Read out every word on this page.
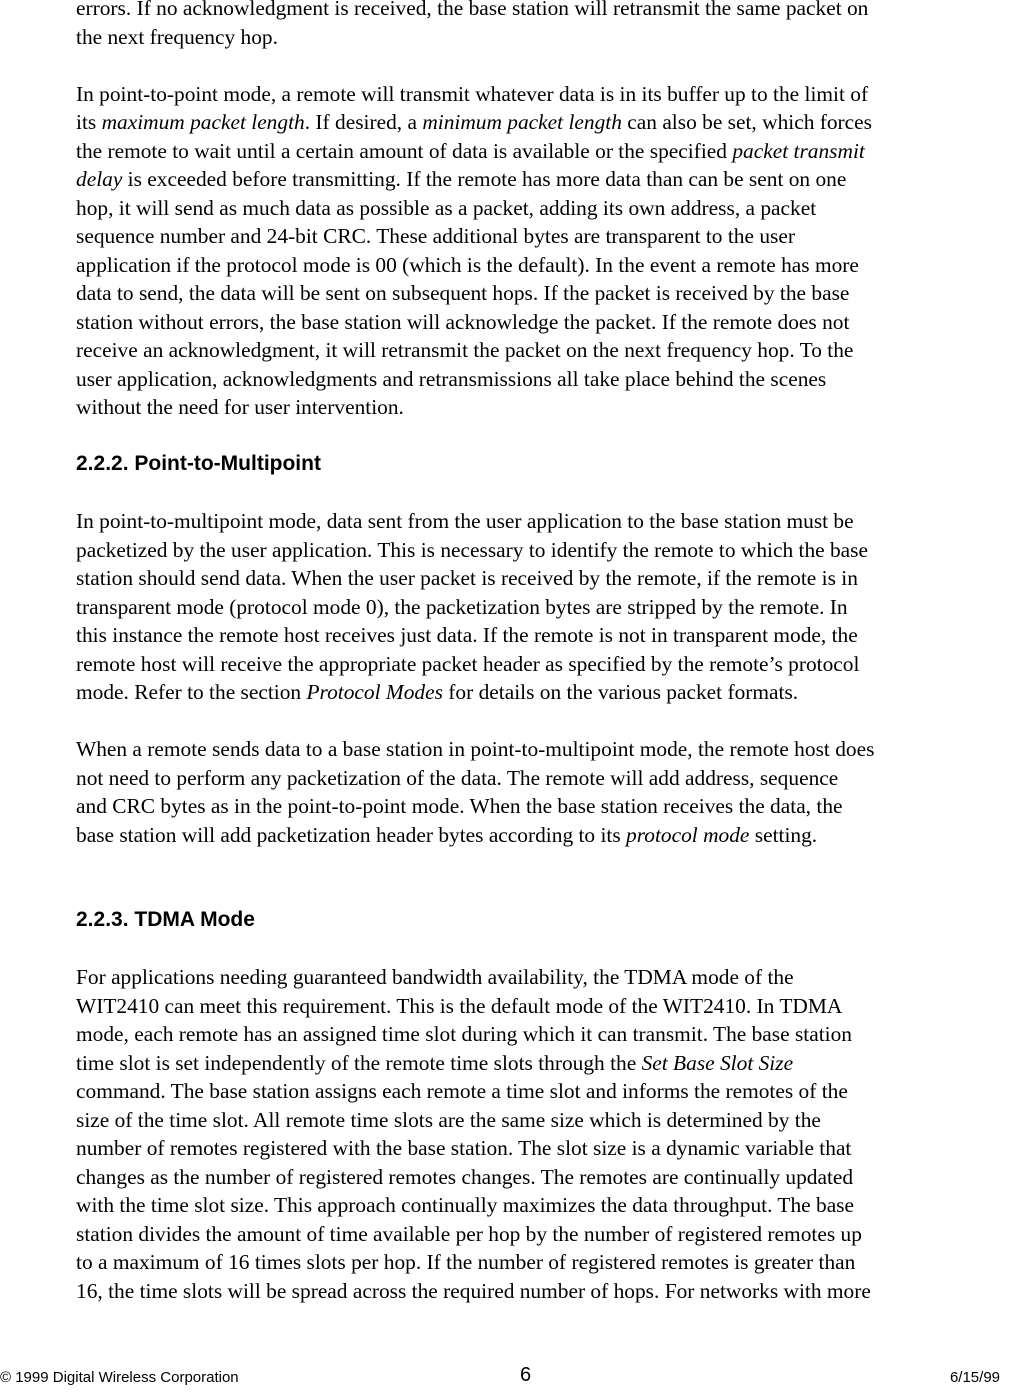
errors. If no acknowledgment is received, the base station will retransmit the same packet on
the next frequency hop.

In point-to-point mode, a remote will transmit whatever data is in its buffer up to the limit of
its maximum packet length. If desired, a minimum packet length can also be set, which forces
the remote to wait until a certain amount of data is available or the specified packet transmit
delay is exceeded before transmitting. If the remote has more data than can be sent on one
hop, it will send as much data as possible as a packet, adding its own address, a packet
sequence number and 24-bit CRC. These additional bytes are transparent to the user
application if the protocol mode is 00 (which is the default). In the event a remote has more
data to send, the data will be sent on subsequent hops. If the packet is received by the base
station without errors, the base station will acknowledge the packet. If the remote does not
receive an acknowledgment, it will retransmit the packet on the next frequency hop. To the
user application, acknowledgments and retransmissions all take place behind the scenes
without the need for user intervention.

2.2.2. Point-to-Multipoint

In point-to-multipoint mode, data sent from the user application to the base station must be
packetized by the user application. This is necessary to identify the remote to which the base
station should send data. When the user packet is received by the remote, if the remote is in
transparent mode (protocol mode 0), the packetization bytes are stripped by the remote. In
this instance the remote host receives just data. If the remote is not in transparent mode, the
remote host will receive the appropriate packet header as specified by the remote’s protocol
mode. Refer to the section Protocol Modes for details on the various packet formats.

When a remote sends data to a base station in point-to-multipoint mode, the remote host does
not need to perform any packetization of the data. The remote will add address, sequence
and CRC bytes as in the point-to-point mode. When the base station receives the data, the
base station will add packetization header bytes according to its protocol mode setting.

2.2.3. TDMA Mode

For applications needing guaranteed bandwidth availability, the TDMA mode of the
WIT2410 can meet this requirement. This is the default mode of the WIT2410. In TDMA
mode, each remote has an assigned time slot during which it can transmit. The base station
time slot is set independently of the remote time slots through the Set Base Slot Size
command. The base station assigns each remote a time slot and informs the remotes of the
size of the time slot. All remote time slots are the same size which is determined by the
number of remotes registered with the base station. The slot size is a dynamic variable that
changes as the number of registered remotes changes. The remotes are continually updated
with the time slot size. This approach continually maximizes the data throughput. The base
station divides the amount of time available per hop by the number of registered remotes up
to a maximum of 16 times slots per hop. If the number of registered remotes is greater than
16, the time slots will be spread across the required number of hops. For networks with more

© 1999 Digital Wireless Corporation	6	6/15/99
